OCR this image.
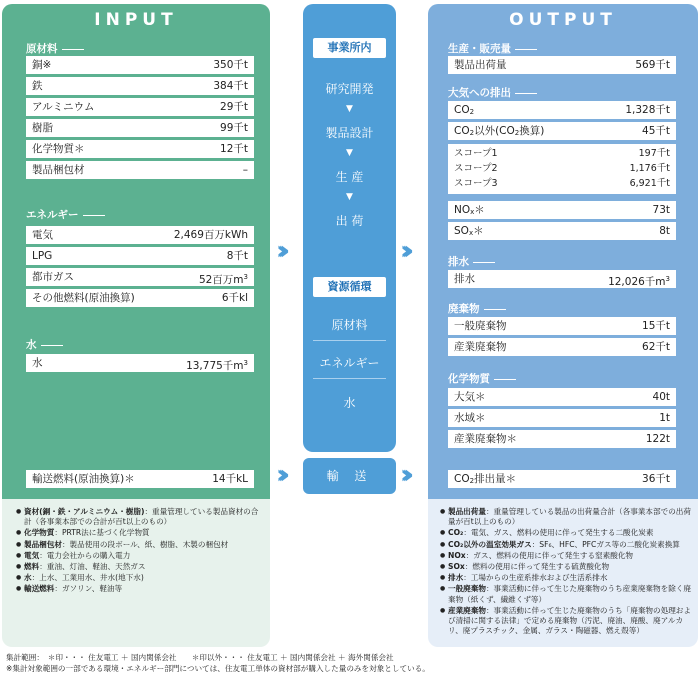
INPUT
原材料
銅※	350千t
鉄	384千t
アルミニウム	29千t
樹脂	99千t
化学物質＊	12千t
製品梱包材	–
エネルギー
電気	2,469百万kWh
LPG	8千t
都市ガス	52百万$m^3$
その他燃料(原油換算)	6千kl
水
水	13,775千$m^3$
輸送燃料(原油換算)＊	14千kL
● 資材(銅・鉄・アルミニウム・樹脂)：重量管理している製品資材の合計（各事業本部での合計が百t以上のもの）
● 化学物質：PRTR法に基づく化学物質
● 製品梱包材：製品使用の段ボール、紙、樹脂、木製の梱包材
● 電気：電力会社からの購入電力
● 燃料：重油、灯油、軽油、天然ガス
● 水：上水、工業用水、井水(地下水)
● 輸送燃料：ガソリン、軽油等
›››	›››
›››	›››
事業所内
研究開発
▼
製品設計
▼
生 産
▼
出 荷
資源循環
原材料
エネルギー
水
輸 送
OUTPUT
生産・販売量
製品出荷量	569千t
大気への排出
CO2	1,328千t
CO2以外(CO2換算)	45千t
スコープ1	197千t
スコープ2	1,176千t
スコープ3	6,921千t
NOx＊	73t
SOx＊	8t
排水
排水	12,026千$m^3$
廃棄物
一般廃棄物	15千t
産業廃棄物	62千t
化学物質
大気＊	40t
水域＊	1t
産業廃棄物＊	122t
CO2排出量＊	36千t
● 製品出荷量：重量管理している製品の出荷量合計（各事業本部での出荷量が百t以上のもの）
● CO₂：電気、ガス、燃料の使用に伴って発生する二酸化炭素
● CO₂以外の温室効果ガス：SF₆、HFC、PFCガス等の二酸化炭素換算
● NOx：ガス、燃料の使用に伴って発生する窒素酸化物
● SOx：燃料の使用に伴って発生する硫黄酸化物
● 排水：工場からの生産系排水および生活系排水
● 一般廃棄物：事業活動に伴って生じた廃棄物のうち産業廃棄物を除く廃棄物（紙くず、繊維くず等）
● 産業廃棄物：事業活動に伴って生じた廃棄物のうち「廃棄物の処理および清掃に関する法律」で定める廃棄物（汚泥、廃油、廃酸、廃アルカリ、廃プラスチック、金属、ガラス・陶磁器、燃え殻等）
集計範囲：　＊印・・・ 住友電工 ＋ 国内関係会社　　＊印以外・・・ 住友電工 ＋ 国内関係会社 ＋ 海外関係会社
※集計対象範囲の一部である環境・エネルギー部門については、住友電工単体の資材部が購入した量のみを対象としている。
